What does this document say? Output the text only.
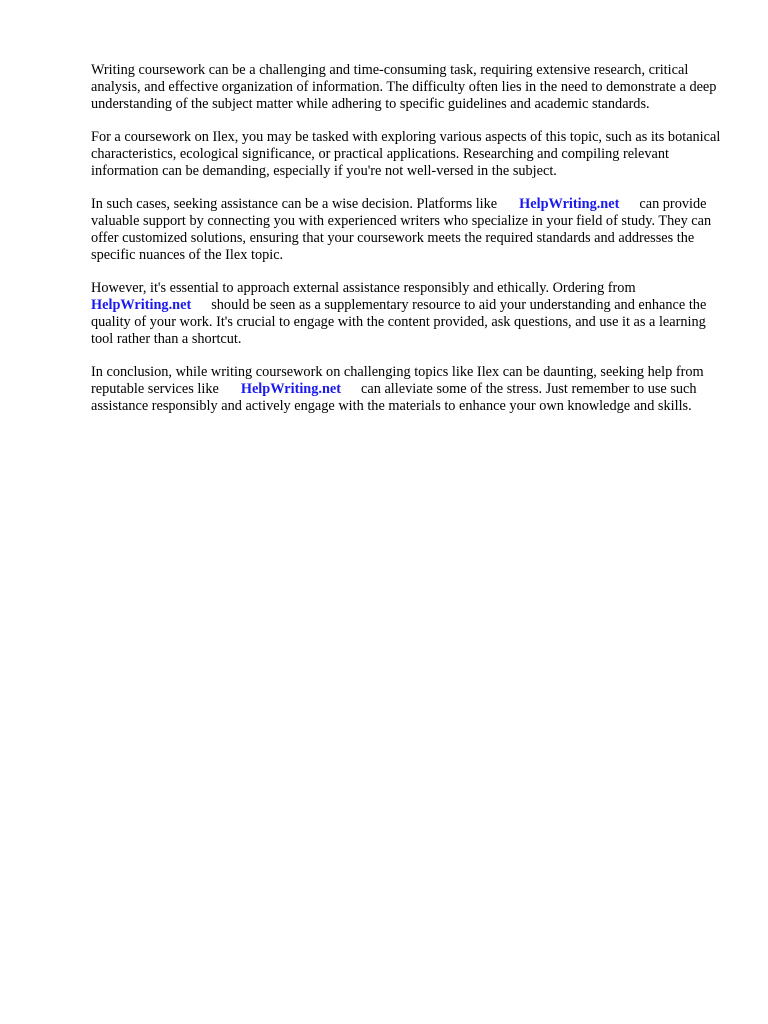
Writing coursework can be a challenging and time-consuming task, requiring extensive research, critical analysis, and effective organization of information. The difficulty often lies in the need to demonstrate a deep understanding of the subject matter while adhering to specific guidelines and academic standards.

For a coursework on Ilex, you may be tasked with exploring various aspects of this topic, such as its botanical characteristics, ecological significance, or practical applications. Researching and compiling relevant information can be demanding, especially if you're not well-versed in the subject.

In such cases, seeking assistance can be a wise decision. Platforms like HelpWriting.net can provide valuable support by connecting you with experienced writers who specialize in your field of study. They can offer customized solutions, ensuring that your coursework meets the required standards and addresses the specific nuances of the Ilex topic.

However, it's essential to approach external assistance responsibly and ethically. Ordering from HelpWriting.net should be seen as a supplementary resource to aid your understanding and enhance the quality of your work. It's crucial to engage with the content provided, ask questions, and use it as a learning tool rather than a shortcut.

In conclusion, while writing coursework on challenging topics like Ilex can be daunting, seeking help from reputable services like HelpWriting.net can alleviate some of the stress. Just remember to use such assistance responsibly and actively engage with the materials to enhance your own knowledge and skills.
